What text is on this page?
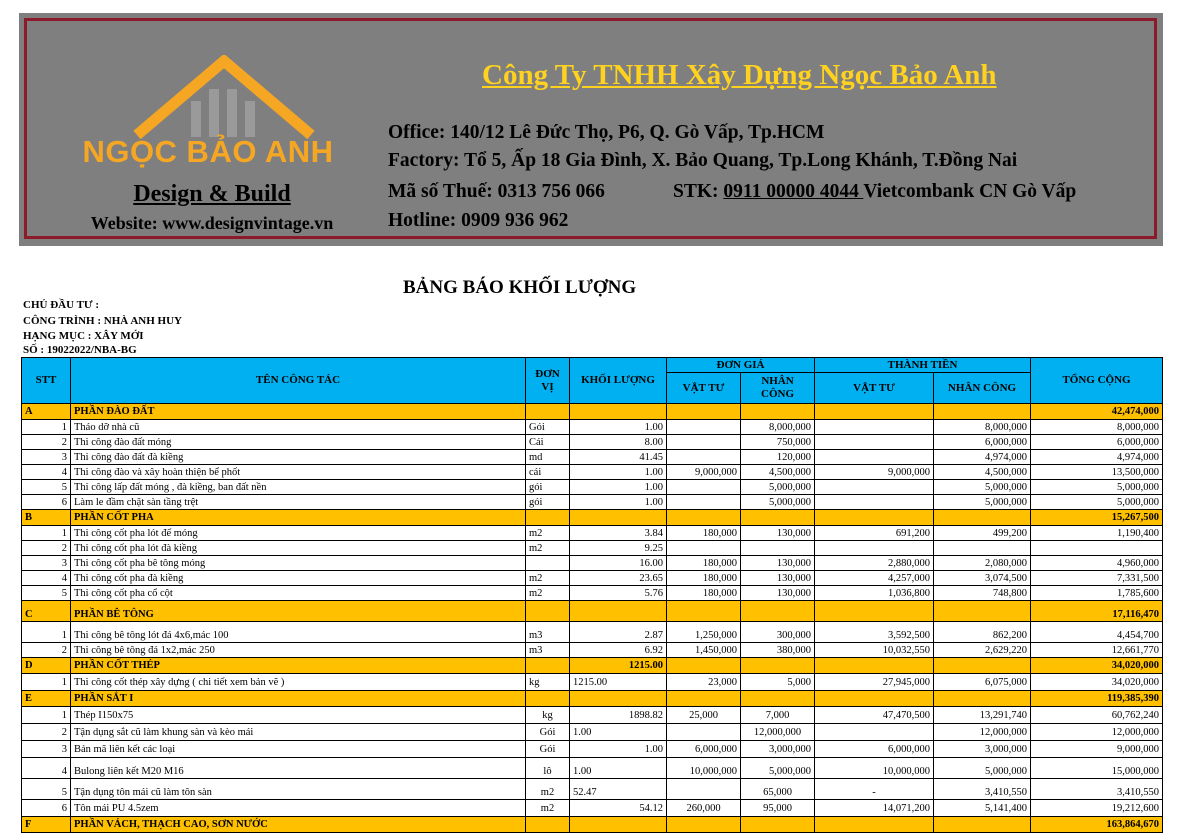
NGỌC BẢO ANH
Design & Build
Website: www.designvintage.vn
Công Ty TNHH Xây Dựng Ngọc Bảo Anh
Office: 140/12 Lê Đức Thọ, P6, Q. Gò Vấp, Tp.HCM
Factory: Tổ 5, Ấp 18 Gia Đình, X. Bảo Quang, Tp.Long Khánh, T.Đồng Nai
Mã số Thuế: 0313 756 066	STK: 0911 00000 4044 Vietcombank CN Gò Vấp
Hotline: 0909 936 962
BẢNG BÁO KHỐI LƯỢNG
CHỦ ĐẦU TƯ :
CÔNG TRÌNH : NHÀ ANH HUY
HẠNG MỤC : XÂY MỚI
SỐ : 19022022/NBA-BG
STT	TÊN CÔNG TÁC	ĐƠN VỊ	KHỐI LƯỢNG	ĐƠN GIÁ		THÀNH TIỀN		TỔNG CỘNG
				VẬT TƯ	NHÂN CÔNG	VẬT TƯ	NHÂN CÔNG	
A	PHẦN ĐÀO ĐẤT							42,474,000
1	Tháo dỡ nhà cũ	Gói	1.00		8,000,000		8,000,000	8,000,000
2	Thi công đào đất móng	Cái	8.00		750,000		6,000,000	6,000,000
3	Thi công đào đất đà kiềng	md	41.45		120,000		4,974,000	4,974,000
4	Thi công đào và xây hoàn thiện bể phốt	cái	1.00	9,000,000	4,500,000	9,000,000	4,500,000	13,500,000
5	Thi công lấp đất móng , đà kiềng, ban đất nền	gói	1.00		5,000,000		5,000,000	5,000,000
6	Làm le đầm chặt sàn tầng trệt	gói	1.00		5,000,000		5,000,000	5,000,000
B	PHẦN CỐT PHA							15,267,500
1	Thi công cốt pha lót đế móng	m2	3.84	180,000	130,000	691,200	499,200	1,190,400
2	Thi công cốt pha lót đà kiềng	m2	9.25					
3	Thi công cốt pha bê tông móng		16.00	180,000	130,000	2,880,000	2,080,000	4,960,000
4	Thi công cốt pha đà kiềng	m2	23.65	180,000	130,000	4,257,000	3,074,500	7,331,500
5	Thi công cốt pha cổ cột	m2	5.76	180,000	130,000	1,036,800	748,800	1,785,600
C	PHẦN BÊ TÔNG							17,116,470
1	Thi công bê tông lót đá 4x6,mác 100	m3	2.87	1,250,000	300,000	3,592,500	862,200	4,454,700
2	Thi công bê tông đá 1x2,mác 250	m3	6.92	1,450,000	380,000	10,032,550	2,629,220	12,661,770
D	PHẦN CỐT THÉP		1215.00					34,020,000
1	Thi công cốt thép xây dựng ( chi tiết xem bản vẽ )	kg	1215.00	23,000	5,000	27,945,000	6,075,000	34,020,000
E	PHẦN SẮT I							119,385,390
1	Thép I150x75	kg	1898.82	25,000	7,000	47,470,500	13,291,740	60,762,240
2	Tận dụng sắt cũ làm khung sàn và kèo mái	Gói	1.00		12,000,000		12,000,000	12,000,000
3	Bản mã liên kết các loại	Gói	1.00	6,000,000	3,000,000	6,000,000	3,000,000	9,000,000
4	Bulong liên kết M20 M16	lô	1.00	10,000,000	5,000,000	10,000,000	5,000,000	15,000,000
5	Tận dụng tôn mái cũ làm tôn sàn	m2	52.47		65,000	-	3,410,550	3,410,550
6	Tôn mái PU 4.5zem	m2	54.12	260,000	95,000	14,071,200	5,141,400	19,212,600
F	PHẦN VÁCH, THẠCH CAO, SƠN NƯỚC							163,864,670
